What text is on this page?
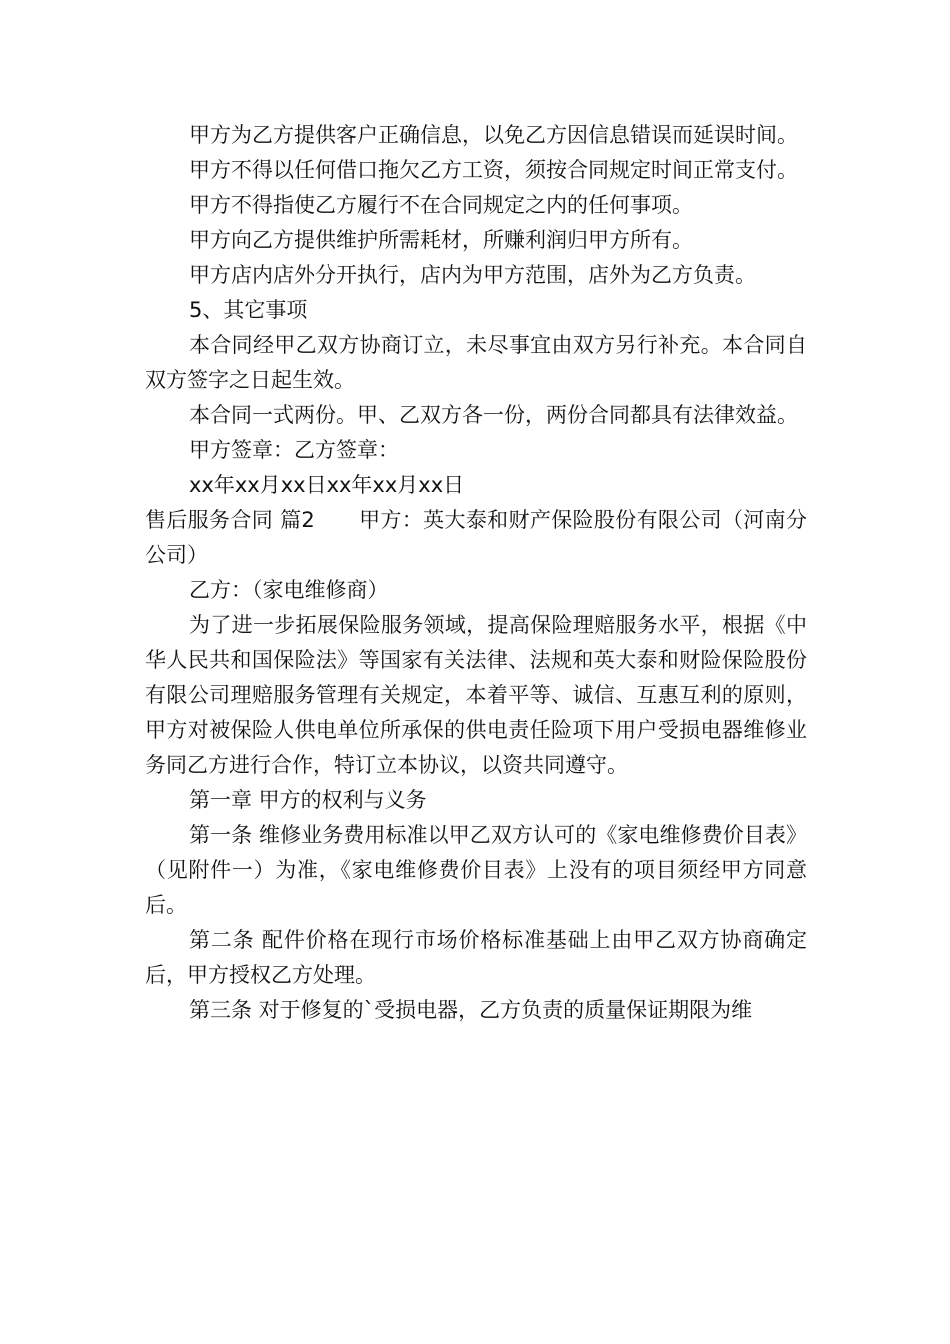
甲方为乙方提供客户正确信息，以免乙方因信息错误而延误时间。

甲方不得以任何借口拖欠乙方工资，须按合同规定时间正常支付。

甲方不得指使乙方履行不在合同规定之内的任何事项。

甲方向乙方提供维护所需耗材，所赚利润归甲方所有。

甲方店内店外分开执行，店内为甲方范围，店外为乙方负责。

5、其它事项

本合同经甲乙双方协商订立，未尽事宜由双方另行补充。本合同自双方签字之日起生效。

本合同一式两份。甲、乙双方各一份，两份合同都具有法律效益。

甲方签章：乙方签章：

xx年xx月xx日xx年xx月xx日

售后服务合同 篇2 甲方：英大泰和财产保险股份有限公司（河南分公司）

乙方：（家电维修商）

为了进一步拓展保险服务领域，提高保险理赔服务水平，根据《中华人民共和国保险法》等国家有关法律、法规和英大泰和财险保险股份有限公司理赔服务管理有关规定，本着平等、诚信、互惠互利的原则，甲方对被保险人供电单位所承保的供电责任险项下用户受损电器维修业务同乙方进行合作，特订立本协议，以资共同遵守。

第一章 甲方的权利与义务

第一条 维修业务费用标准以甲乙双方认可的《家电维修费价目表》（见附件一）为准，《家电维修费价目表》上没有的项目须经甲方同意后。

第二条 配件价格在现行市场价格标准基础上由甲乙双方协商确定后，甲方授权乙方处理。

第三条 对于修复的`受损电器，乙方负责的质量保证期限为维
